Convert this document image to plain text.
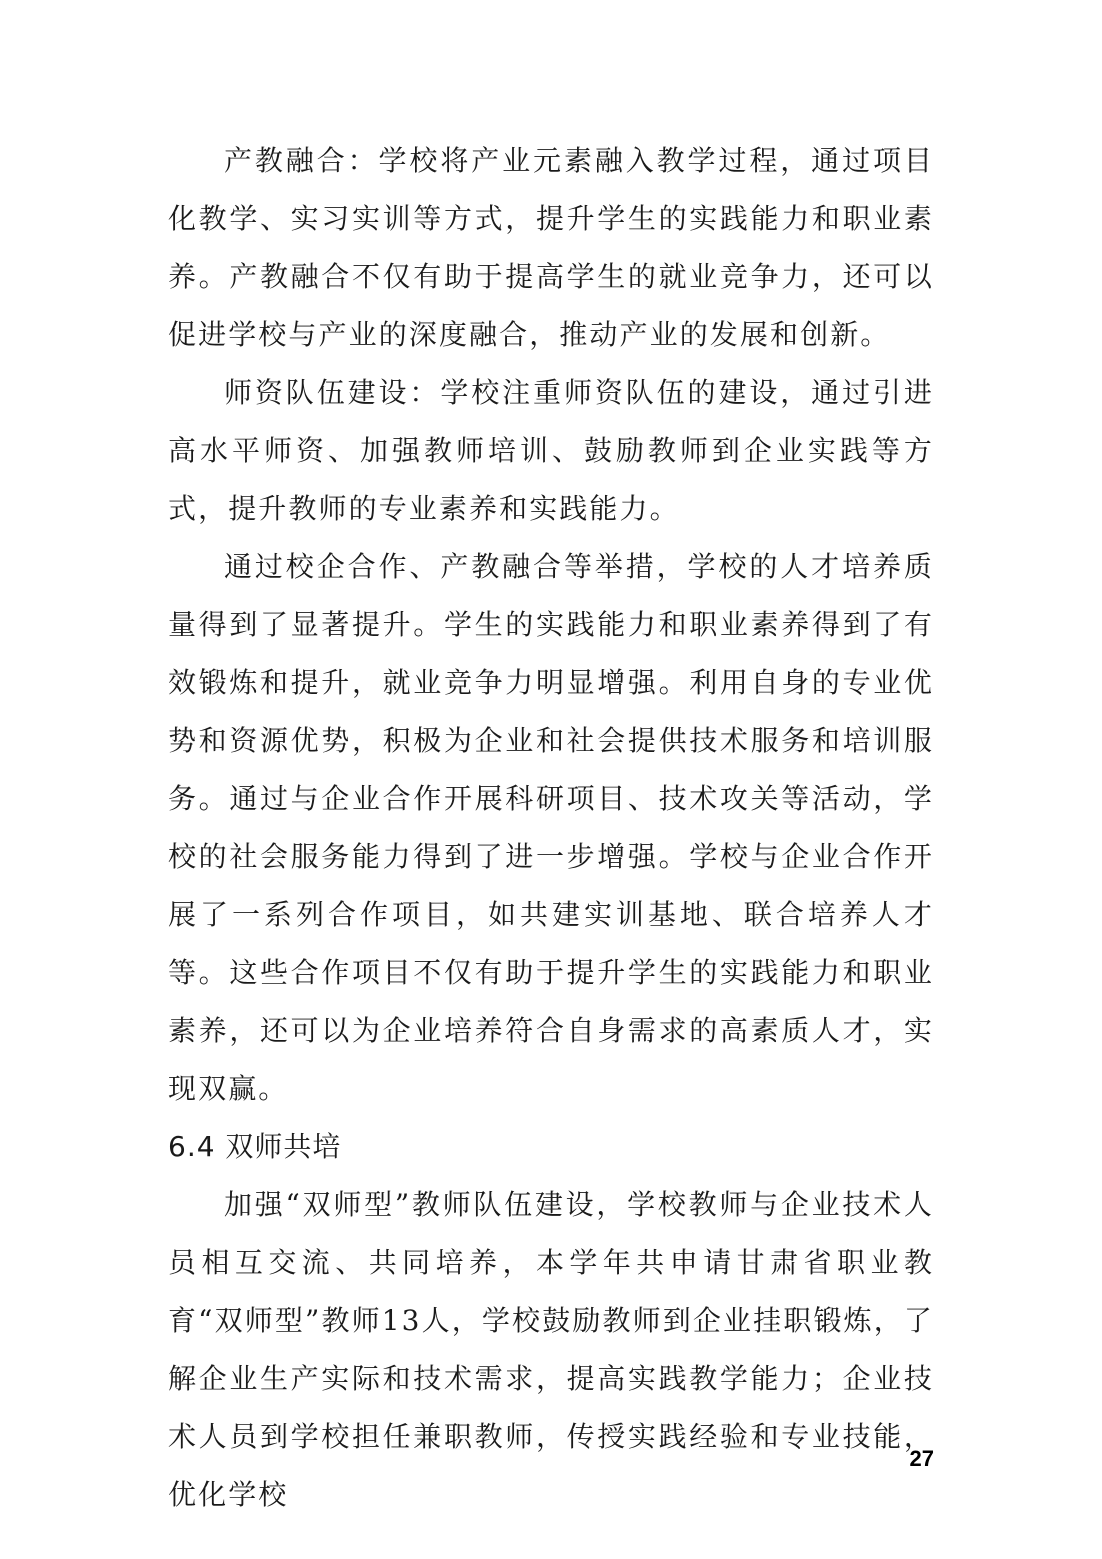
产教融合：学校将产业元素融入教学过程，通过项目化教学、实习实训等方式，提升学生的实践能力和职业素养。产教融合不仅有助于提高学生的就业竞争力，还可以促进学校与产业的深度融合，推动产业的发展和创新。

师资队伍建设：学校注重师资队伍的建设，通过引进高水平师资、加强教师培训、鼓励教师到企业实践等方式，提升教师的专业素养和实践能力。

通过校企合作、产教融合等举措，学校的人才培养质量得到了显著提升。学生的实践能力和职业素养得到了有效锻炼和提升，就业竞争力明显增强。利用自身的专业优势和资源优势，积极为企业和社会提供技术服务和培训服务。通过与企业合作开展科研项目、技术攻关等活动，学校的社会服务能力得到了进一步增强。学校与企业合作开展了一系列合作项目，如共建实训基地、联合培养人才等。这些合作项目不仅有助于提升学生的实践能力和职业素养，还可以为企业培养符合自身需求的高素质人才，实现双赢。

6.4 双师共培

加强“双师型”教师队伍建设，学校教师与企业技术人员相互交流、共同培养，本学年共申请甘肃省职业教育“双师型”教师13人，学校鼓励教师到企业挂职锻炼，了解企业生产实际和技术需求，提高实践教学能力；企业技术人员到学校担任兼职教师，传授实践经验和专业技能，优化学校

27
